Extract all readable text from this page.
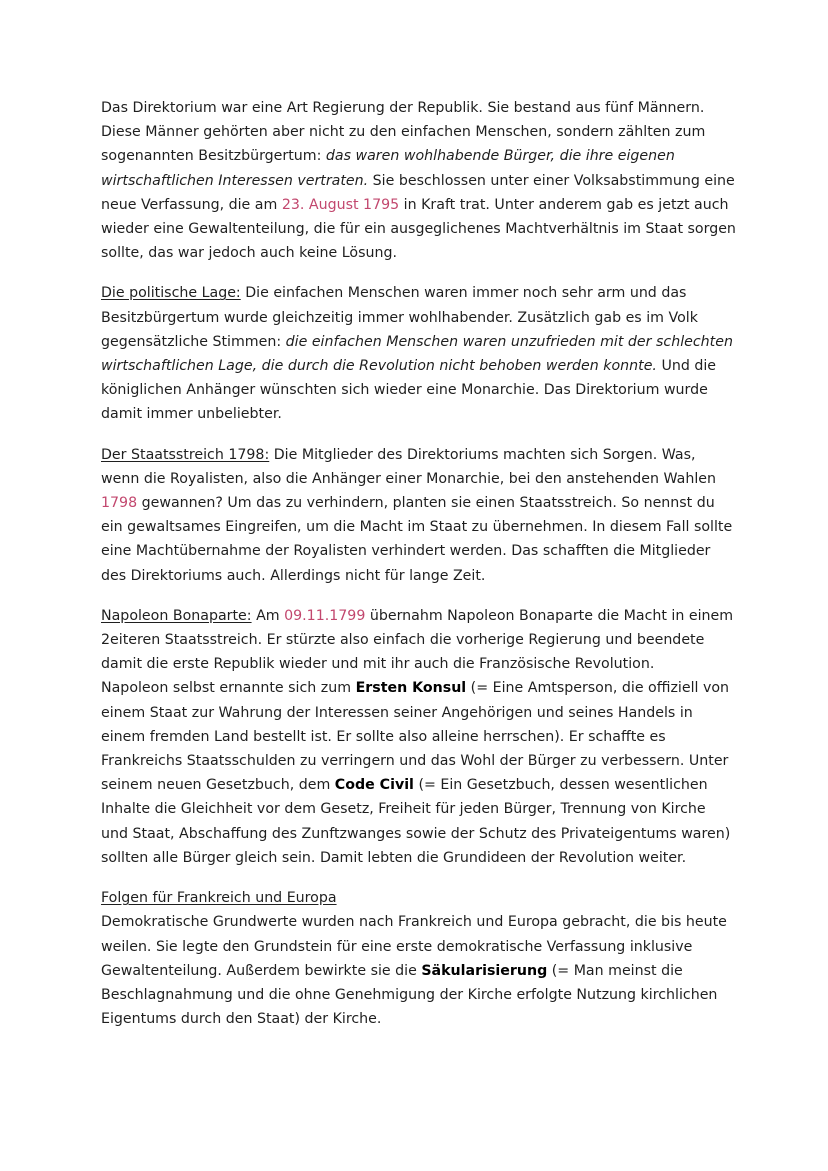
Das Direktorium war eine Art Regierung der Republik. Sie bestand aus fünf Männern. Diese Männer gehörten aber nicht zu den einfachen Menschen, sondern zählten zum sogenannten Besitzbürgertum: das waren wohlhabende Bürger, die ihre eigenen wirtschaftlichen Interessen vertraten. Sie beschlossen unter einer Volksabstimmung eine neue Verfassung, die am 23. August 1795 in Kraft trat. Unter anderem gab es jetzt auch wieder eine Gewaltenteilung, die für ein ausgeglichenes Machtverhältnis im Staat sorgen sollte, das war jedoch auch keine Lösung.

Die politische Lage: Die einfachen Menschen waren immer noch sehr arm und das Besitzbürgertum wurde gleichzeitig immer wohlhabender. Zusätzlich gab es im Volk gegensätzliche Stimmen: die einfachen Menschen waren unzufrieden mit der schlechten wirtschaftlichen Lage, die durch die Revolution nicht behoben werden konnte. Und die königlichen Anhänger wünschten sich wieder eine Monarchie. Das Direktorium wurde damit immer unbeliebter.

Der Staatsstreich 1798: Die Mitglieder des Direktoriums machten sich Sorgen. Was, wenn die Royalisten, also die Anhänger einer Monarchie, bei den anstehenden Wahlen 1798 gewannen? Um das zu verhindern, planten sie einen Staatsstreich. So nennst du ein gewaltsames Eingreifen, um die Macht im Staat zu übernehmen. In diesem Fall sollte eine Machtübernahme der Royalisten verhindert werden. Das schafften die Mitglieder des Direktoriums auch. Allerdings nicht für lange Zeit.

Napoleon Bonaparte: Am 09.11.1799 übernahm Napoleon Bonaparte die Macht in einem 2eiteren Staatsstreich. Er stürzte also einfach die vorherige Regierung und beendete damit die erste Republik wieder und mit ihr auch die Französische Revolution.
Napoleon selbst ernannte sich zum Ersten Konsul (= Eine Amtsperson, die offiziell von einem Staat zur Wahrung der Interessen seiner Angehörigen und seines Handels in einem fremden Land bestellt ist. Er sollte also alleine herrschen). Er schaffte es Frankreichs Staatsschulden zu verringern und das Wohl der Bürger zu verbessern. Unter seinem neuen Gesetzbuch, dem Code Civil (= Ein Gesetzbuch, dessen wesentlichen Inhalte die Gleichheit vor dem Gesetz, Freiheit für jeden Bürger, Trennung von Kirche und Staat, Abschaffung des Zunftzwanges sowie der Schutz des Privateigentums waren) sollten alle Bürger gleich sein. Damit lebten die Grundideen der Revolution weiter.

Folgen für Frankreich und Europa
Demokratische Grundwerte wurden nach Frankreich und Europa gebracht, die bis heute weilen. Sie legte den Grundstein für eine erste demokratische Verfassung inklusive Gewaltenteilung. Außerdem bewirkte sie die Säkularisierung (= Man meinst die Beschlagnahmung und die ohne Genehmigung der Kirche erfolgte Nutzung kirchlichen Eigentums durch den Staat) der Kirche.
